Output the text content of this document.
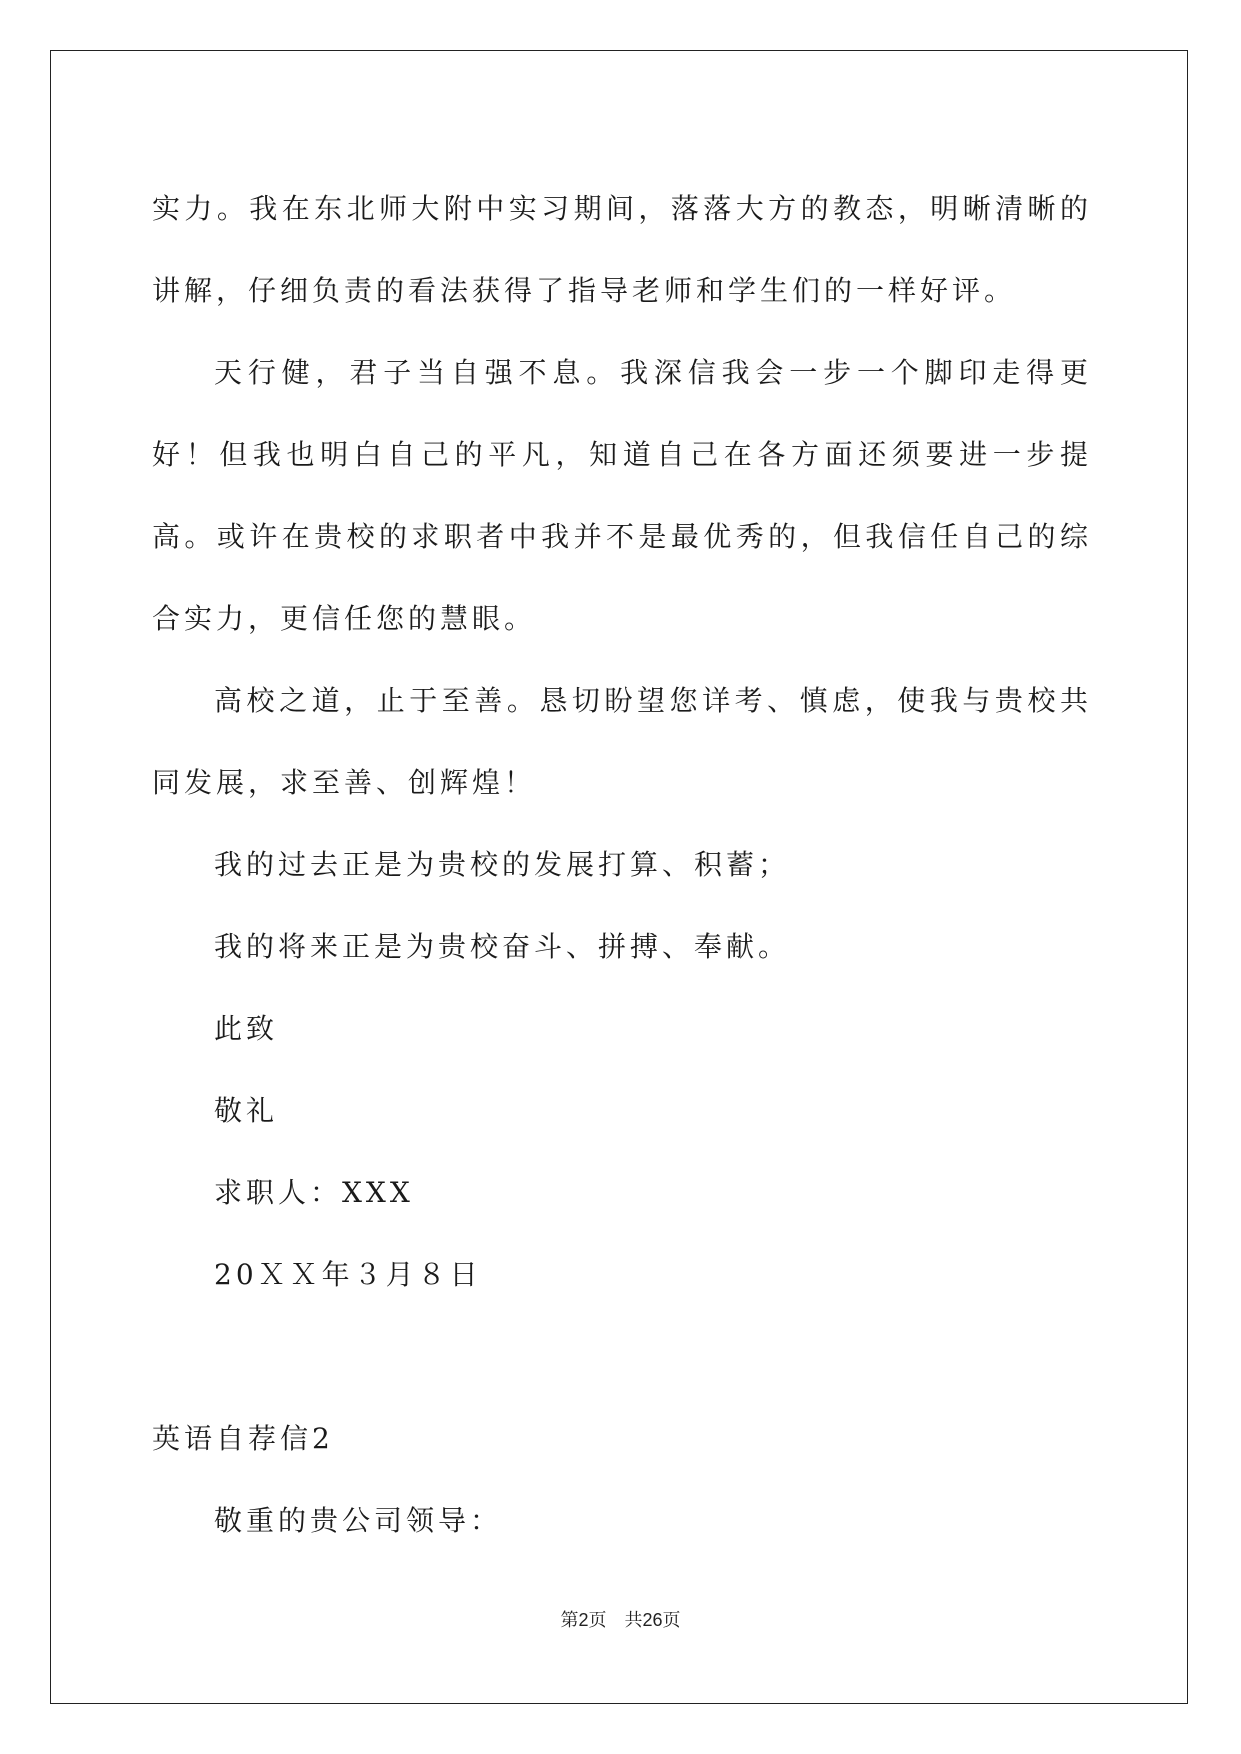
实力。我在东北师大附中实习期间，落落大方的教态，明晰清晰的讲解，仔细负责的看法获得了指导老师和学生们的一样好评。

天行健，君子当自强不息。我深信我会一步一个脚印走得更好！但我也明白自己的平凡，知道自己在各方面还须要进一步提高。或许在贵校的求职者中我并不是最优秀的，但我信任自己的综合实力，更信任您的慧眼。

高校之道，止于至善。恳切盼望您详考、慎虑，使我与贵校共同发展，求至善、创辉煌！

我的过去正是为贵校的发展打算、积蓄；

我的将来正是为贵校奋斗、拼搏、奉献。

此致

敬礼

求职人：XXX

20ＸＸ年３月８日

英语自荐信2

敬重的贵公司领导：

第2页 共26页
